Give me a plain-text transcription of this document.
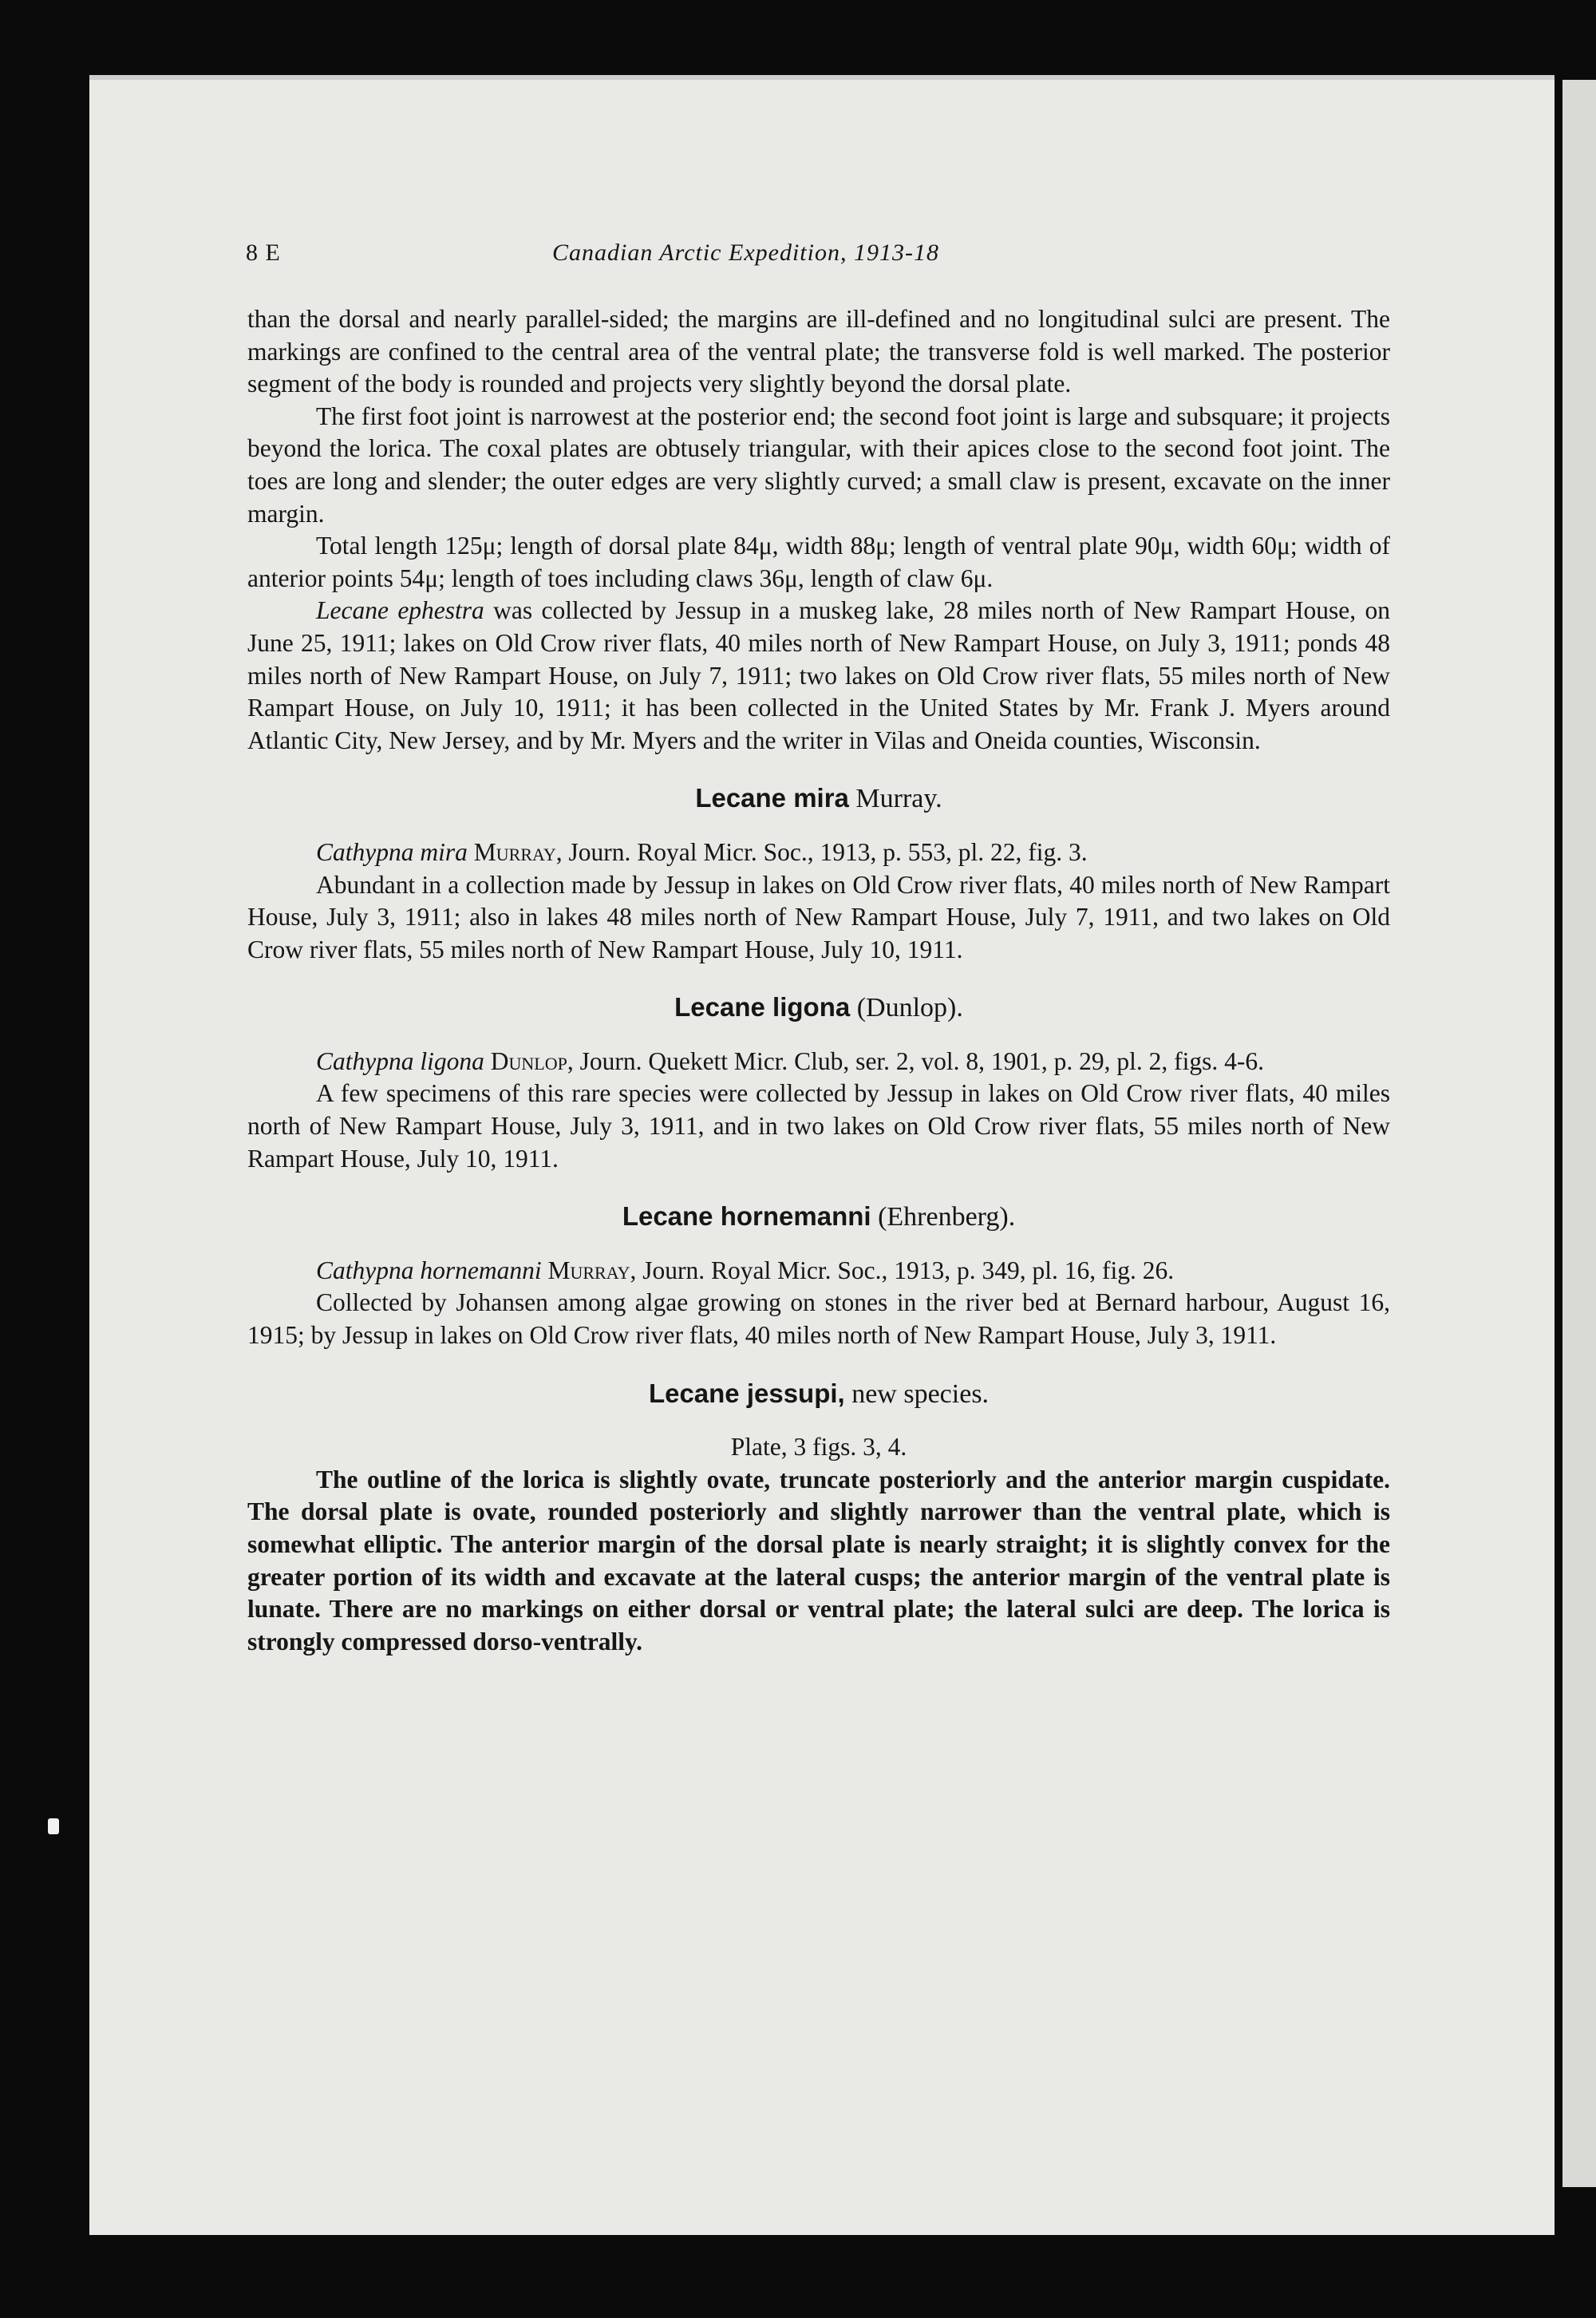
8 E	Canadian Arctic Expedition, 1913-18

than the dorsal and nearly parallel-sided; the margins are ill-defined and no longitudinal sulci are present. The markings are confined to the central area of the ventral plate; the transverse fold is well marked. The posterior segment of the body is rounded and projects very slightly beyond the dorsal plate.

The first foot joint is narrowest at the posterior end; the second foot joint is large and subsquare; it projects beyond the lorica. The coxal plates are obtusely triangular, with their apices close to the second foot joint. The toes are long and slender; the outer edges are very slightly curved; a small claw is present, excavate on the inner margin.

Total length 125μ; length of dorsal plate 84μ, width 88μ; length of ventral plate 90μ, width 60μ; width of anterior points 54μ; length of toes including claws 36μ, length of claw 6μ.

Lecane ephestra was collected by Jessup in a muskeg lake, 28 miles north of New Rampart House, on June 25, 1911; lakes on Old Crow river flats, 40 miles north of New Rampart House, on July 3, 1911; ponds 48 miles north of New Rampart House, on July 7, 1911; two lakes on Old Crow river flats, 55 miles north of New Rampart House, on July 10, 1911; it has been collected in the United States by Mr. Frank J. Myers around Atlantic City, New Jersey, and by Mr. Myers and the writer in Vilas and Oneida counties, Wisconsin.

Lecane mira Murray.

Cathypna mira Murray, Journ. Royal Micr. Soc., 1913, p. 553, pl. 22, fig. 3.

Abundant in a collection made by Jessup in lakes on Old Crow river flats, 40 miles north of New Rampart House, July 3, 1911; also in lakes 48 miles north of New Rampart House, July 7, 1911, and two lakes on Old Crow river flats, 55 miles north of New Rampart House, July 10, 1911.

Lecane ligona (Dunlop).

Cathypna ligona Dunlop, Journ. Quekett Micr. Club, ser. 2, vol. 8, 1901, p. 29, pl. 2, figs. 4-6.

A few specimens of this rare species were collected by Jessup in lakes on Old Crow river flats, 40 miles north of New Rampart House, July 3, 1911, and in two lakes on Old Crow river flats, 55 miles north of New Rampart House, July 10, 1911.

Lecane hornemanni (Ehrenberg).

Cathypna hornemanni Murray, Journ. Royal Micr. Soc., 1913, p. 349, pl. 16, fig. 26.

Collected by Johansen among algae growing on stones in the river bed at Bernard harbour, August 16, 1915; by Jessup in lakes on Old Crow river flats, 40 miles north of New Rampart House, July 3, 1911.

Lecane jessupi, new species.

Plate, 3 figs. 3, 4.

The outline of the lorica is slightly ovate, truncate posteriorly and the anterior margin cuspidate. The dorsal plate is ovate, rounded posteriorly and slightly narrower than the ventral plate, which is somewhat elliptic. The anterior margin of the dorsal plate is nearly straight; it is slightly convex for the greater portion of its width and excavate at the lateral cusps; the anterior margin of the ventral plate is lunate. There are no markings on either dorsal or ventral plate; the lateral sulci are deep. The lorica is strongly compressed dorso-ventrally.
